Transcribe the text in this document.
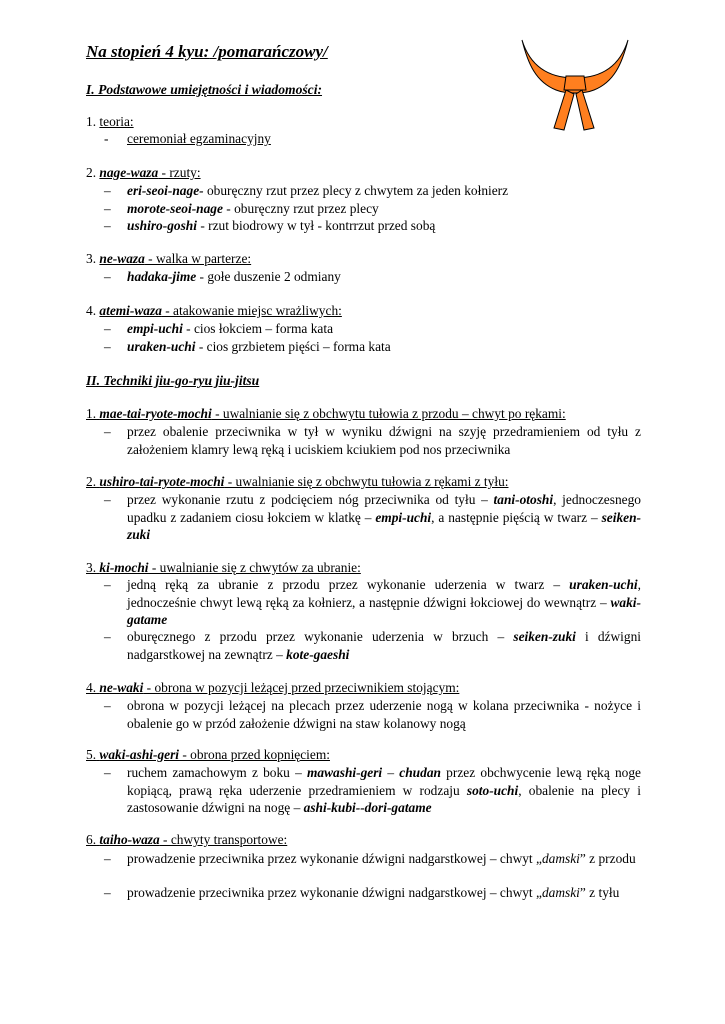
Na stopień 4 kyu: /pomarańczowy/
I. Podstawowe umiejętności i wiadomości:
1. teoria:
- ceremoniał egzaminacyjny
2. nage-waza - rzuty:
– eri-seoi-nage- oburęczny rzut przez plecy z chwytem za jeden kołnierz
– morote-seoi-nage - oburęczny rzut przez plecy
– ushiro-goshi - rzut biodrowy w tył - kontrrzut przed sobą
3. ne-waza - walka w parterze:
– hadaka-jime - gołe duszenie 2 odmiany
4. atemi-waza - atakowanie miejsc wrażliwych:
– empi-uchi - cios łokciem – forma kata
– uraken-uchi - cios grzbietem pięści – forma kata
II. Techniki jiu-go-ryu jiu-jitsu
1. mae-tai-ryote-mochi - uwalnianie się z obchwytu tułowia z przodu – chwyt po rękami:
– przez obalenie przeciwnika w tył w wyniku dźwigni na szyję przedramieniem od tyłu z założeniem klamry lewą ręką i uciskiem kciukiem pod nos przeciwnika
2. ushiro-tai-ryote-mochi - uwalnianie się z obchwytu tułowia z rękami z tyłu:
– przez wykonanie rzutu z podcięciem nóg przeciwnika od tyłu – tani-otoshi, jednoczesnego upadku z zadaniem ciosu łokciem w klatkę – empi-uchi, a następnie pięścią w twarz – seiken-zuki
3. ki-mochi - uwalnianie się z chwytów za ubranie:
– jedną ręką za ubranie z przodu przez wykonanie uderzenia w twarz – uraken-uchi, jednocześnie chwyt lewą ręką za kołnierz, a następnie dźwigni łokciowej do wewnątrz – waki-gatame
– oburęcznego z przodu przez wykonanie uderzenia w brzuch – seiken-zuki i dźwigni nadgarstkowej na zewnątrz – kote-gaeshi
4. ne-waki - obrona w pozycji leżącej przed przeciwnikiem stojącym:
– obrona w pozycji leżącej na plecach przez uderzenie nogą w kolana przeciwnika - nożyce i obalenie go w przód założenie dźwigni na staw kolanowy nogą
5. waki-ashi-geri - obrona przed kopnięciem:
– ruchem zamachowym z boku – mawashi-geri – chudan przez obchwycenie lewą ręką noge kopiącą, prawą ręka uderzenie przedramieniem w rodzaju soto-uchi, obalenie na plecy i zastosowanie dźwigni na nogę – ashi-kubi--dori-gatame
6. taiho-waza - chwyty transportowe:
– prowadzenie przeciwnika przez wykonanie dźwigni nadgarstkowej – chwyt „damski” z przodu
– prowadzenie przeciwnika przez wykonanie dźwigni nadgarstkowej – chwyt „damski” z tyłu
